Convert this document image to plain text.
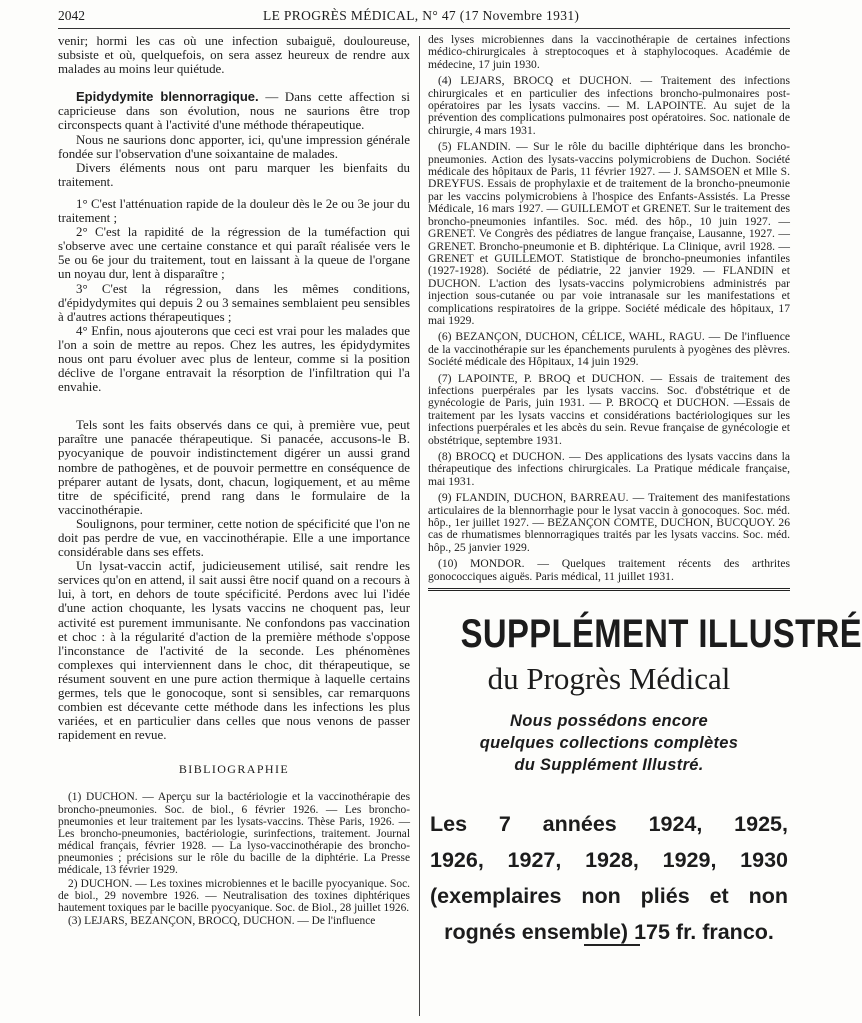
2042	LE PROGRÈS MÉDICAL, N° 47 (17 Novembre 1931)

venir; hormi les cas où une infection subaiguë, douloureuse, subsiste et où, quelquefois, on sera assez heureux de rendre aux malades au moins leur quiétude.

Epidydymite blennorragique. — Dans cette affection si capricieuse dans son évolution, nous ne saurions être trop circonspects quant à l'activité d'une méthode thérapeutique.

Nous ne saurions donc apporter, ici, qu'une impression générale fondée sur l'observation d'une soixantaine de malades.

Divers éléments nous ont paru marquer les bienfaits du traitement.

1° C'est l'atténuation rapide de la douleur dès le 2e ou 3e jour du traitement ;

2° C'est la rapidité de la régression de la tuméfaction qui s'observe avec une certaine constance et qui paraît réalisée vers le 5e ou 6e jour du traitement, tout en laissant à la queue de l'organe un noyau dur, lent à disparaître ;

3° C'est la régression, dans les mêmes conditions, d'épidydymites qui depuis 2 ou 3 semaines semblaient peu sensibles à d'autres actions thérapeutiques ;

4° Enfin, nous ajouterons que ceci est vrai pour les malades que l'on a soin de mettre au repos. Chez les autres, les épidydymites nous ont paru évoluer avec plus de lenteur, comme si la position déclive de l'organe entravait la résorption de l'infiltration qui l'a envahie.

Tels sont les faits observés dans ce qui, à première vue, peut paraître une panacée thérapeutique. Si panacée, accusons-le B. pyocyanique de pouvoir indistinctement digérer un aussi grand nombre de pathogènes, et de pouvoir permettre en conséquence de préparer autant de lysats, dont, chacun, logiquement, et au même titre de spécificité, prend rang dans le formulaire de la vaccinothérapie.

Soulignons, pour terminer, cette notion de spécificité que l'on ne doit pas perdre de vue, en vaccinothérapie. Elle a une importance considérable dans ses effets.

Un lysat-vaccin actif, judicieusement utilisé, sait rendre les services qu'on en attend, il sait aussi être nocif quand on a recours à lui, à tort, en dehors de toute spécificité. Perdons avec lui l'idée d'une action choquante, les lysats vaccins ne choquent pas, leur activité est purement immunisante. Ne confondons pas vaccination et choc : à la régularité d'action de la première méthode s'oppose l'inconstance de l'activité de la seconde. Les phénomènes complexes qui interviennent dans le choc, dit thérapeutique, se résument souvent en une pure action thermique à laquelle certains germes, tels que le gonocoque, sont si sensibles, car remarquons combien est décevante cette méthode dans les infections les plus variées, et en particulier dans celles que nous venons de passer rapidement en revue.

BIBLIOGRAPHIE

(1) DUCHON. — Aperçu sur la bactériologie et la vaccinothérapie des broncho-pneumonies. Soc. de biol., 6 février 1926. — Les broncho-pneumonies et leur traitement par les lysats-vaccins. Thèse Paris, 1926. — Les broncho-pneumonies, bactériologie, surinfections, traitement. Journal médical français, février 1928. — La lyso-vaccinothérapie des broncho-pneumonies ; précisions sur le rôle du bacille de la diphtérie. La Presse médicale, 13 février 1929.

2) DUCHON. — Les toxines microbiennes et le bacille pyocyanique. Soc. de biol., 29 novembre 1926. — Neutralisation des toxines diphtériques hautement toxiques par le bacille pyocyanique. Soc. de Biol., 28 juillet 1926.

(3) LEJARS, BEZANÇON, BROCQ, DUCHON. — De l'influence

des lyses microbiennes dans la vaccinothérapie de certaines infections médico-chirurgicales à streptocoques et à staphylocoques. Académie de médecine, 17 juin 1930.

(4) LEJARS, BROCQ et DUCHON. — Traitement des infections chirurgicales et en particulier des infections broncho-pulmonaires post-opératoires par les lysats vaccins. — M. LAPOINTE. Au sujet de la prévention des complications pulmonaires post opératoires. Soc. nationale de chirurgie, 4 mars 1931.

(5) FLANDIN. — Sur le rôle du bacille diphtérique dans les broncho-pneumonies. Action des lysats-vaccins polymicrobiens de Duchon. Société médicale des hôpitaux de Paris, 11 février 1927. — J. SAMSOEN et Mlle S. DREYFUS. Essais de prophylaxie et de traitement de la broncho-pneumonie par les vaccins polymicrobiens à l'hospice des Enfants-Assistés. La Presse Médicale, 16 mars 1927. — GUILLEMOT et GRENET. Sur le traitement des broncho-pneumonies infantiles. Soc. méd. des hôp., 10 juin 1927. — GRENET. Ve Congrès des pédiatres de langue française, Lausanne, 1927. — GRENET. Broncho-pneumonie et B. diphtérique. La Clinique, avril 1928. — GRENET et GUILLEMOT. Statistique de broncho-pneumonies infantiles (1927-1928). Société de pédiatrie, 22 janvier 1929. — FLANDIN et DUCHON. L'action des lysats-vaccins polymicrobiens administrés par injection sous-cutanée ou par voie intranasale sur les manifestations et complications respiratoires de la grippe. Société médicale des hôpitaux, 17 mai 1929.

(6) BEZANÇON, DUCHON, CÉLICE, WAHL, RAGU. — De l'influence de la vaccinothérapie sur les épanchements purulents à pyogènes des plèvres. Société médicale des Hôpitaux, 14 juin 1929.

(7) LAPOINTE, P. BROQ et DUCHON. — Essais de traitement des infections puerpérales par les lysats vaccins. Soc. d'obstétrique et de gynécologie de Paris, juin 1931. — P. BROCQ et DUCHON. —Essais de traitement par les lysats vaccins et considérations bactériologiques sur les infections puerpérales et les abcès du sein. Revue française de gynécologie et obstétrique, septembre 1931.

(8) BROCQ et DUCHON. — Des applications des lysats vaccins dans la thérapeutique des infections chirurgicales. La Pratique médicale française, mai 1931.

(9) FLANDIN, DUCHON, BARREAU. — Traitement des manifestations articulaires de la blennorrhagie pour le lysat vaccin à gonocoques. Soc. méd. hôp., 1er juillet 1927. — BEZANÇON COMTE, DUCHON, BUCQUOY. 26 cas de rhumatismes blennorragiques traités par les lysats vaccins. Soc. méd. hôp., 25 janvier 1929.

(10) MONDOR. — Quelques traitement récents des arthrites gonococciques aiguës. Paris médical, 11 juillet 1931.

SUPPLÉMENT ILLUSTRÉ
du Progrès Médical
Nous possédons encore
quelques collections complètes
du Supplément Illustré.
Les 7 années 1924, 1925,
1926, 1927, 1928, 1929, 1930
(exemplaires non pliés et non
rognés ensemble) 175 fr. franco.
